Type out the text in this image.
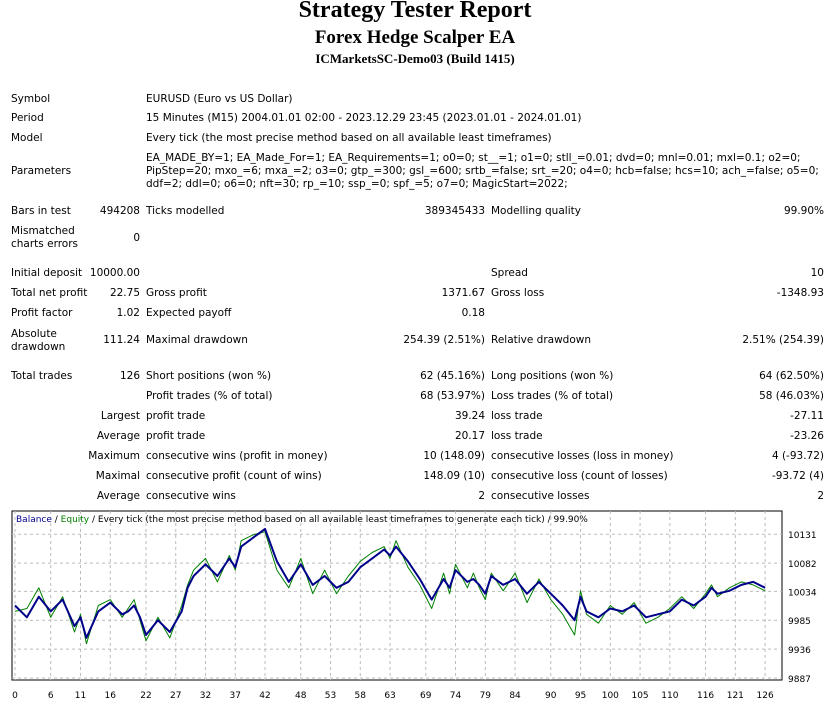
Strategy Tester Report
Forex Hedge Scalper EA
ICMarketsSC-Demo03 (Build 1415)
Symbol	EURUSD (Euro vs US Dollar)
Period	15 Minutes (M15) 2004.01.01 02:00 - 2023.12.29 23:45 (2023.01.01 - 2024.01.01)
Model	Every tick (the most precise method based on all available least timeframes)
Parameters
EA_MADE_BY=1; EA_Made_For=1; EA_Requirements=1; o0=0; st__=1; o1=0; stll_=0.01; dvd=0; mnl=0.01; mxl=0.1; o2=0; PipStep=20; mxo_=6; mxa_=2; o3=0; gtp_=300; gsl_=600; srtb_=false; srt_=20; o4=0; hcb=false; hcs=10; ach_=false; o5=0; ddf=2; ddl=0; o6=0; nft=30; rp_=10; ssp_=0; spf_=5; o7=0; MagicStart=2022;
Bars in test	494208 Ticks modelled	389345433 Modelling quality	99.90%
Mismatched
charts errors	0
Initial deposit 10000.00	Spread	10
Total net profit	22.75 Gross profit	1371.67 Gross loss	-1348.93
Profit factor	1.02 Expected payoff	0.18
Absolute
drawdown
111.24 Maximal drawdown	254.39 (2.51%) Relative drawdown	2.51% (254.39)
Total trades	126 Short positions (won %)	62 (45.16%) Long positions (won %)	64 (62.50%)
Profit trades (% of total)	68 (53.97%) Loss trades (% of total)	58 (46.03%)
Largest profit trade	39.24 loss trade	-27.11
Average profit trade	20.17 loss trade	-23.26
Maximum consecutive wins (profit in money)	10 (148.09) consecutive losses (loss in money)	4 (-93.72)
Maximal consecutive profit (count of wins)	148.09 (10) consecutive loss (count of losses)	-93.72 (4)
Average consecutive wins	2 consecutive losses	2
9887
9936
9985
10034
10082
10131
0	6 11 16	22 27 32 37 42	48 53 58 63	69 74 79 84	90 95 100 105 110 116 121 126
Balance / Equity / Every tick (the most precise method based on all available least timeframes to generate each tick) / 99.90%
